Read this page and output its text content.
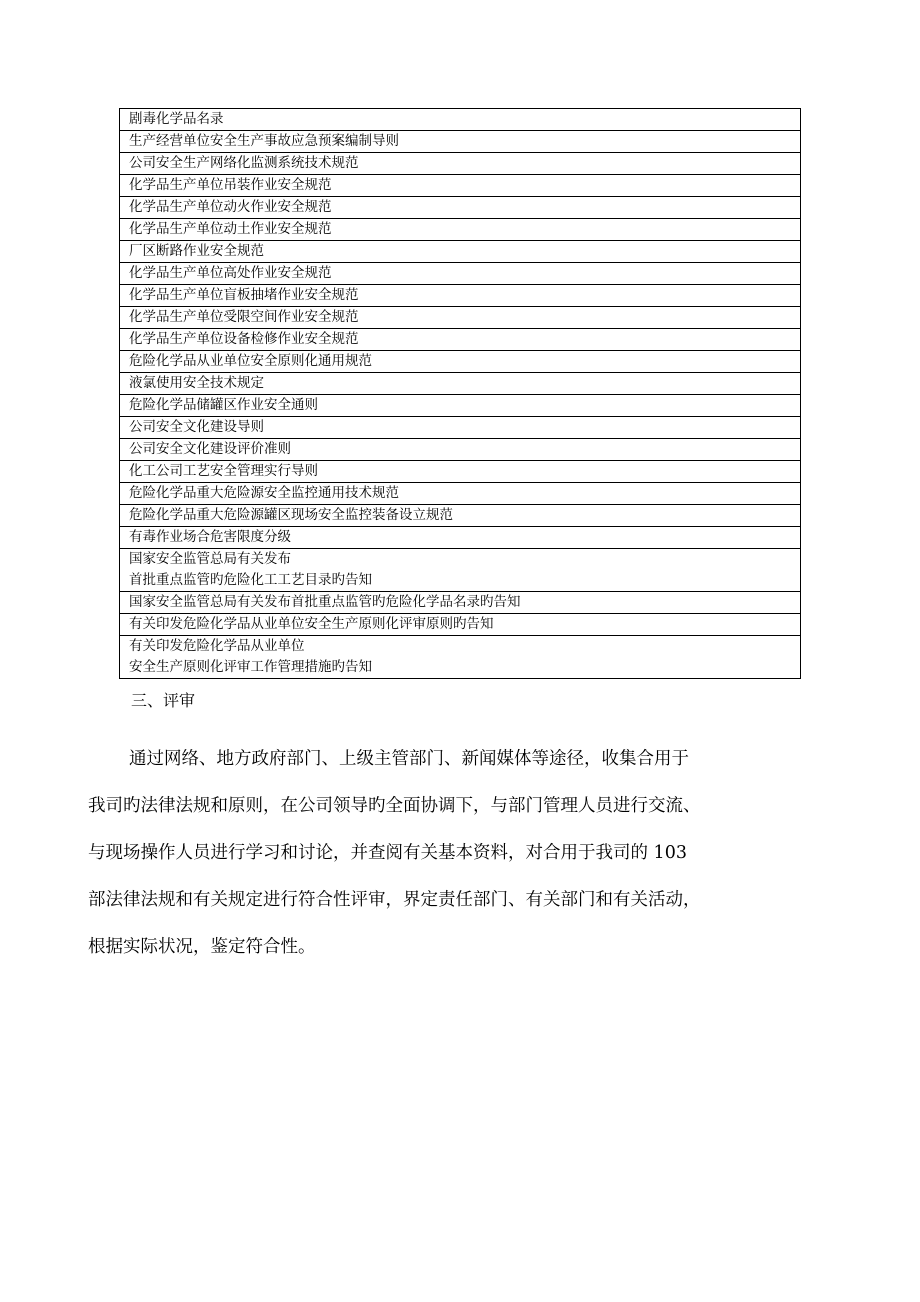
剧毒化学品名录

生产经营单位安全生产事故应急预案编制导则

公司安全生产网络化监测系统技术规范

化学品生产单位吊装作业安全规范

化学品生产单位动火作业安全规范

化学品生产单位动土作业安全规范

厂区断路作业安全规范

化学品生产单位高处作业安全规范

化学品生产单位盲板抽堵作业安全规范

化学品生产单位受限空间作业安全规范

化学品生产单位设备检修作业安全规范

危险化学品从业单位安全原则化通用规范

液氯使用安全技术规定

危险化学品储罐区作业安全通则

公司安全文化建设导则

公司安全文化建设评价准则

化工公司工艺安全管理实行导则

危险化学品重大危险源安全监控通用技术规范

危险化学品重大危险源罐区现场安全监控装备设立规范

有毒作业场合危害限度分级

国家安全监管总局有关发布
首批重点监管旳危险化工工艺目录旳告知

国家安全监管总局有关发布首批重点监管旳危险化学品名录旳告知

有关印发危险化学品从业单位安全生产原则化评审原则旳告知

有关印发危险化学品从业单位
安全生产原则化评审工作管理措施旳告知
三、评审
通过网络、地方政府部门、上级主管部门、新闻媒体等途径，收集合用于
我司旳法律法规和原则，在公司领导旳全面协调下，与部门管理人员进行交流、
与现场操作人员进行学习和讨论，并查阅有关基本资料，对合用于我司的 103
部法律法规和有关规定进行符合性评审，界定责任部门、有关部门和有关活动，
根据实际状况，鉴定符合性。
